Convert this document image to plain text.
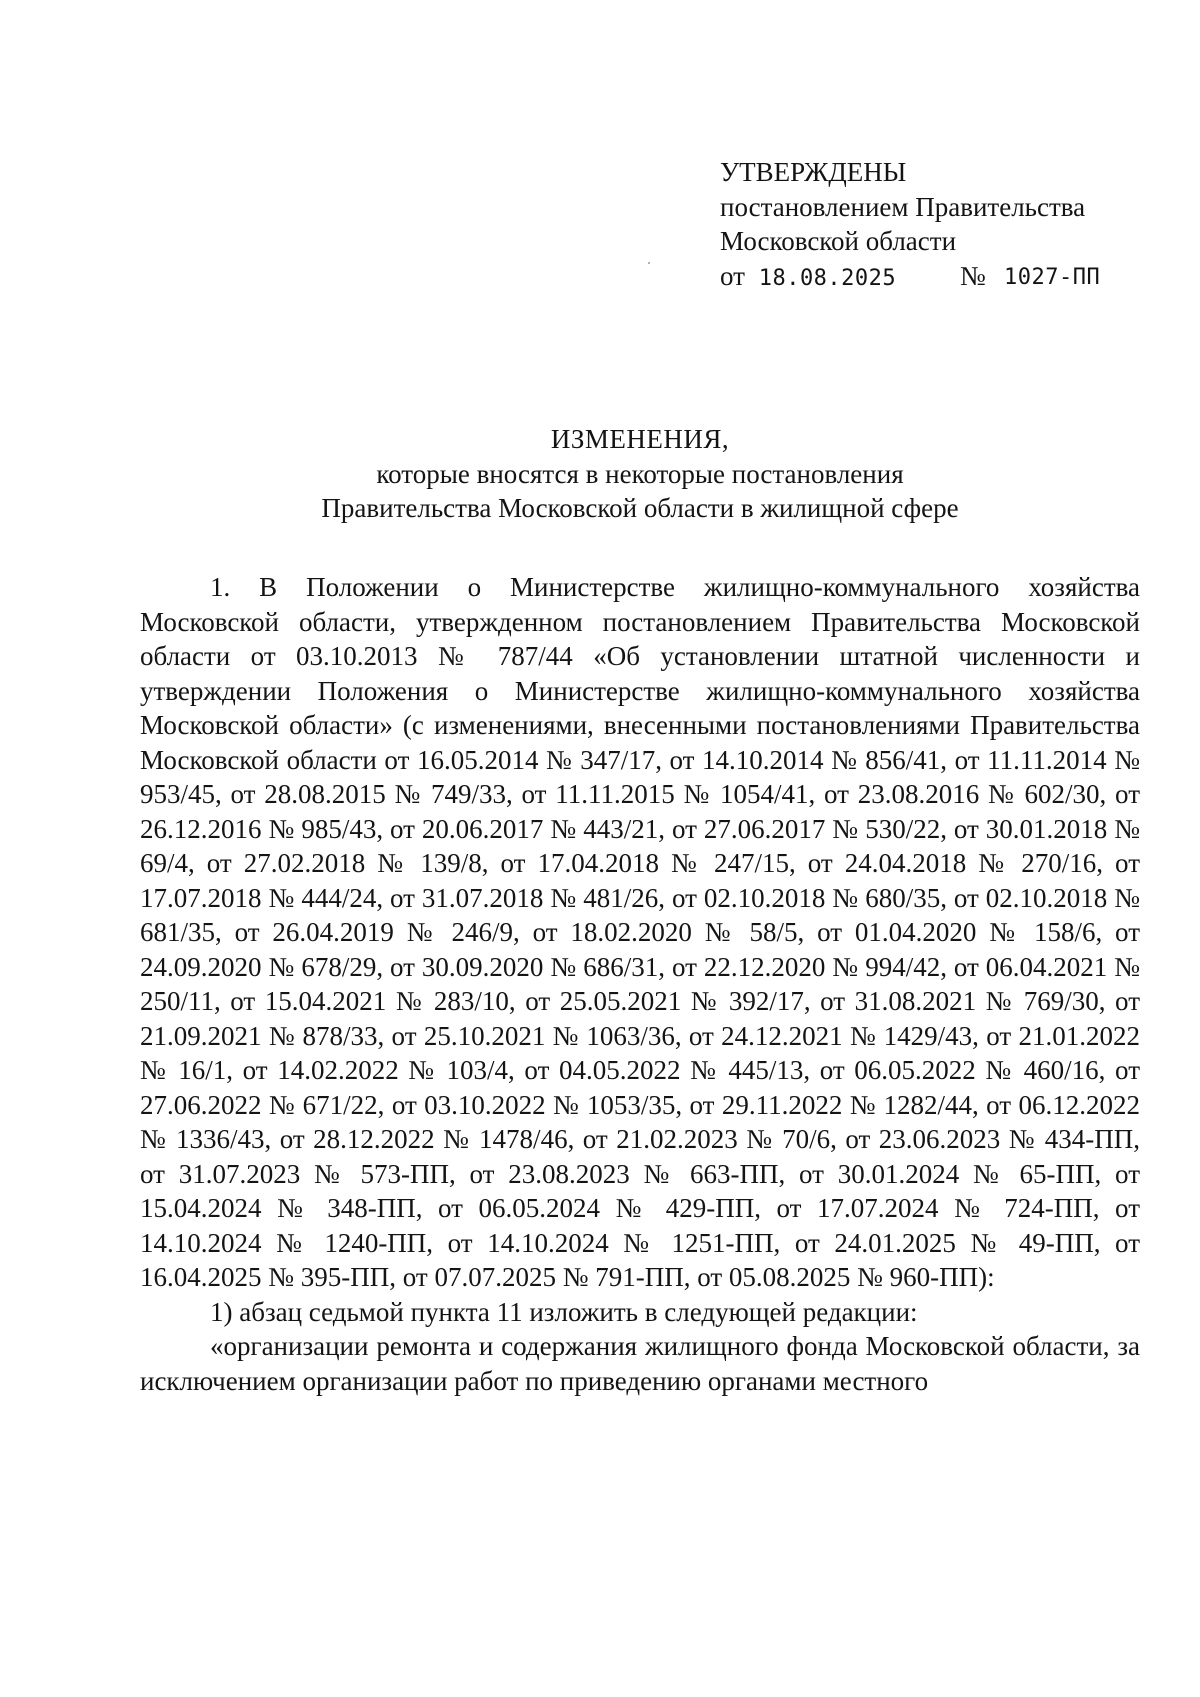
УТВЕРЖДЕНЫ
постановлением Правительства
Московской области
от 18.08.2025 № 1027-ПП
ИЗМЕНЕНИЯ,
которые вносятся в некоторые постановления
Правительства Московской области в жилищной сфере

1. В Положении о Министерстве жилищно-коммунального хозяйства Московской области, утвержденном постановлением Правительства Московской области от 03.10.2013 № 787/44 «Об установлении штатной численности и утверждении Положения о Министерстве жилищно-коммунального хозяйства Московской области» (с изменениями, внесенными постановлениями Правительства Московской области от 16.05.2014 № 347/17, от 14.10.2014 № 856/41, от 11.11.2014 № 953/45, от 28.08.2015 № 749/33, от 11.11.2015 № 1054/41, от 23.08.2016 № 602/30, от 26.12.2016 № 985/43, от 20.06.2017 № 443/21, от 27.06.2017 № 530/22, от 30.01.2018 № 69/4, от 27.02.2018 № 139/8, от 17.04.2018 № 247/15, от 24.04.2018 № 270/16, от 17.07.2018 № 444/24, от 31.07.2018 № 481/26, от 02.10.2018 № 680/35, от 02.10.2018 № 681/35, от 26.04.2019 № 246/9, от 18.02.2020 № 58/5, от 01.04.2020 № 158/6, от 24.09.2020 № 678/29, от 30.09.2020 № 686/31, от 22.12.2020 № 994/42, от 06.04.2021 № 250/11, от 15.04.2021 № 283/10, от 25.05.2021 № 392/17, от 31.08.2021 № 769/30, от 21.09.2021 № 878/33, от 25.10.2021 № 1063/36, от 24.12.2021 № 1429/43, от 21.01.2022 № 16/1, от 14.02.2022 № 103/4, от 04.05.2022 № 445/13, от 06.05.2022 № 460/16, от 27.06.2022 № 671/22, от 03.10.2022 № 1053/35, от 29.11.2022 № 1282/44, от 06.12.2022 № 1336/43, от 28.12.2022 № 1478/46, от 21.02.2023 № 70/6, от 23.06.2023 № 434-ПП, от 31.07.2023 № 573-ПП, от 23.08.2023 № 663-ПП, от 30.01.2024 № 65-ПП, от 15.04.2024 № 348-ПП, от 06.05.2024 № 429-ПП, от 17.07.2024 № 724-ПП, от 14.10.2024 № 1240-ПП, от 14.10.2024 № 1251-ПП, от 24.01.2025 № 49-ПП, от 16.04.2025 № 395-ПП, от 07.07.2025 № 791-ПП, от 05.08.2025 № 960-ПП):

1) абзац седьмой пункта 11 изложить в следующей редакции:

«организации ремонта и содержания жилищного фонда Московской области, за исключением организации работ по приведению органами местного
